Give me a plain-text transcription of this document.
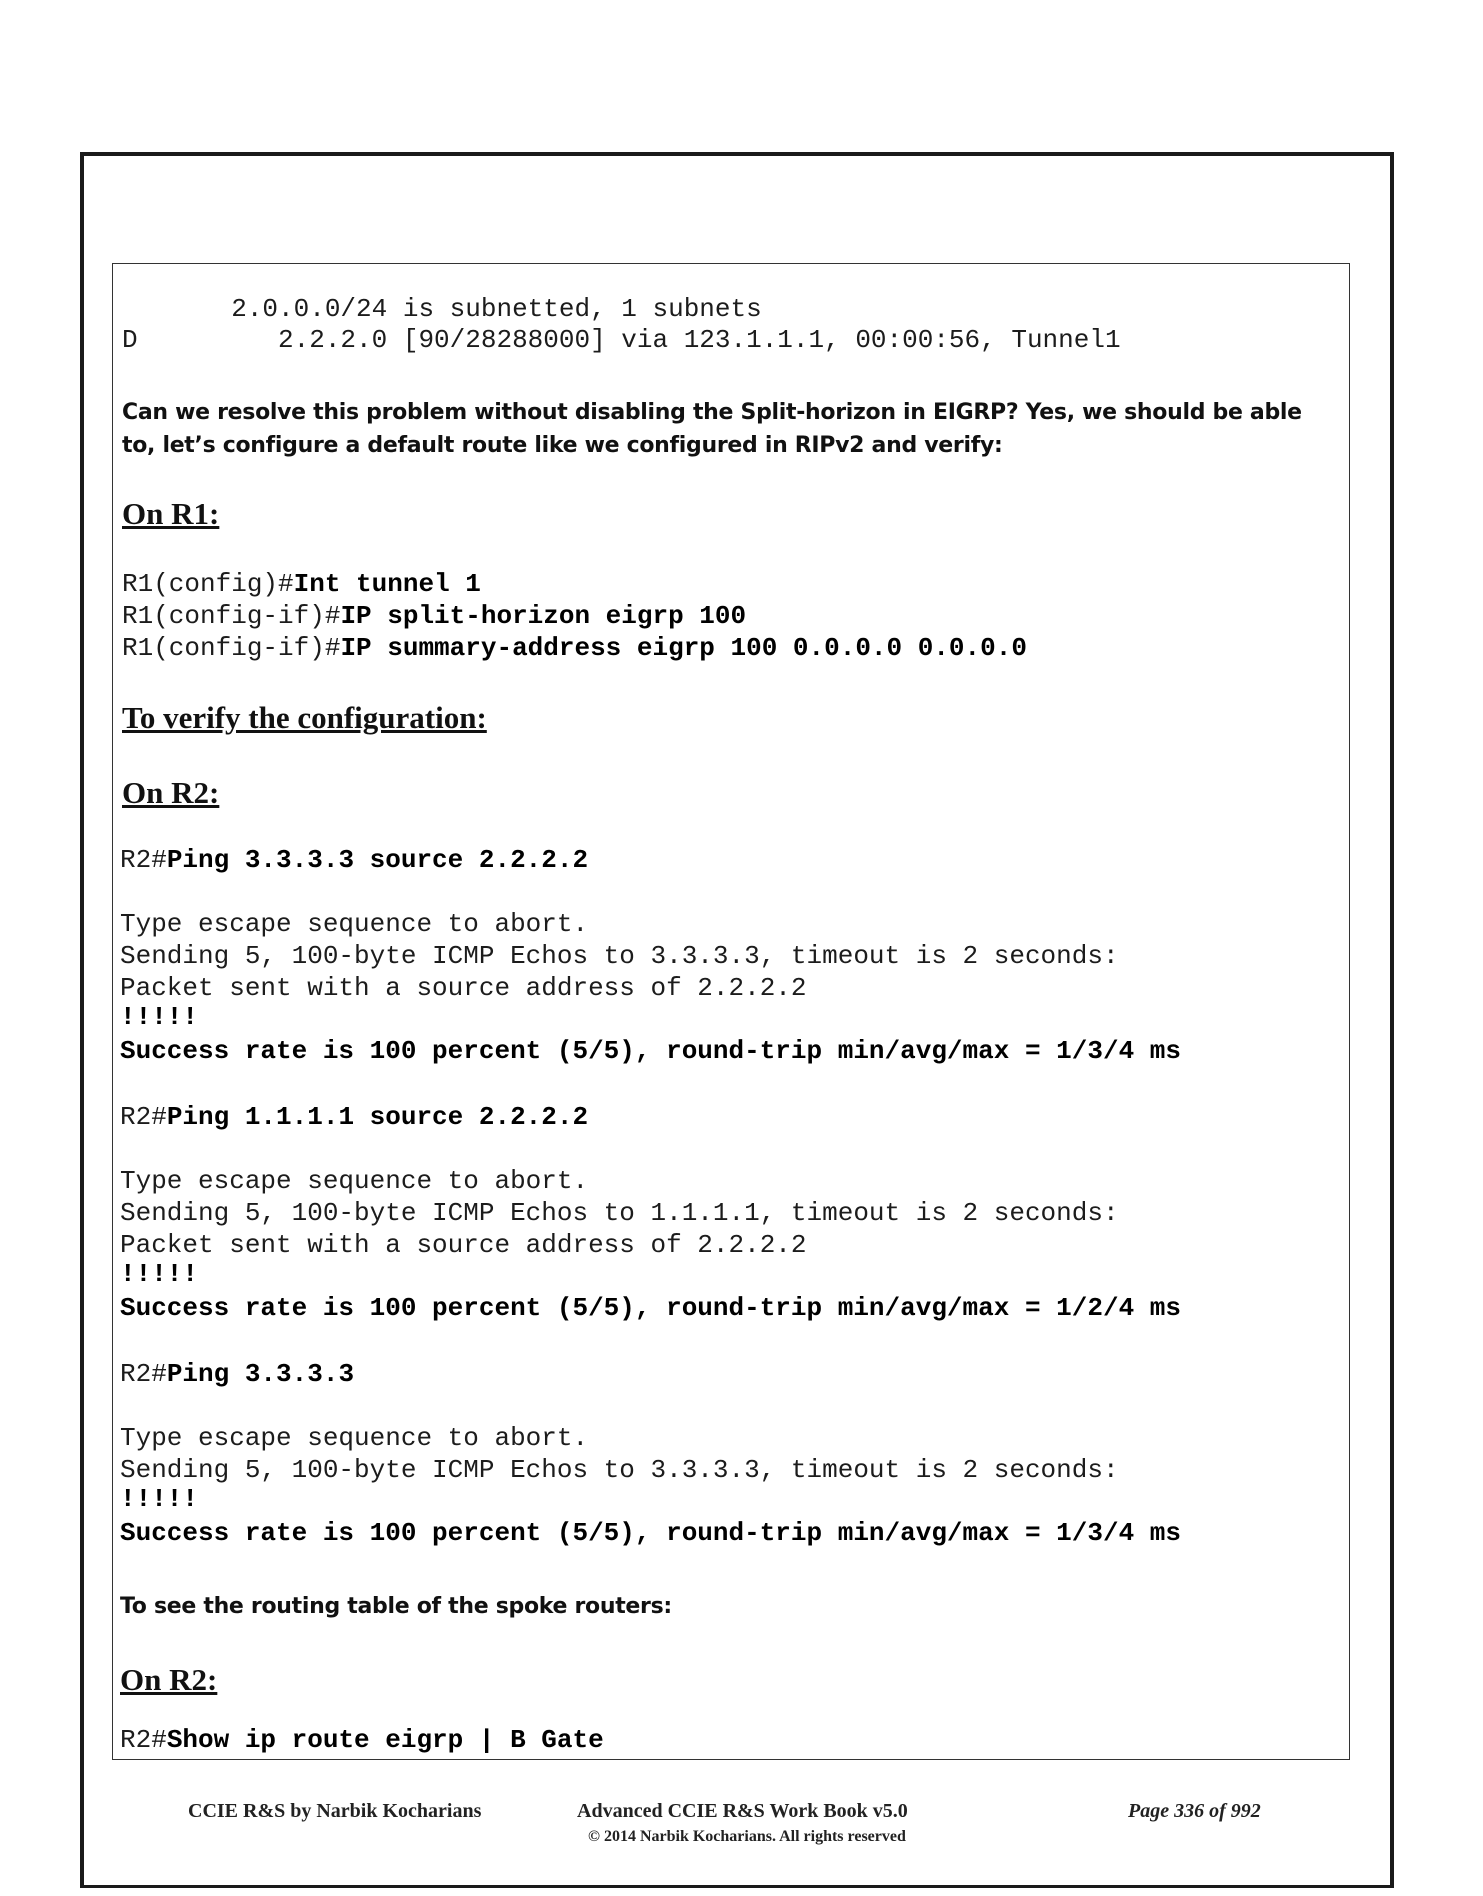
2.0.0.0/24 is subnetted, 1 subnets
D         2.2.2.0 [90/28288000] via 123.1.1.1, 00:00:56, Tunnel1
Can we resolve this problem without disabling the Split-horizon in EIGRP? Yes, we should be able to, let’s configure a default route like we configured in RIPv2 and verify:
On R1:
R1(config)#Int tunnel 1
R1(config-if)#IP split-horizon eigrp 100
R1(config-if)#IP summary-address eigrp 100 0.0.0.0 0.0.0.0
To verify the configuration:
On R2:
R2#Ping 3.3.3.3 source 2.2.2.2
Type escape sequence to abort.
Sending 5, 100-byte ICMP Echos to 3.3.3.3, timeout is 2 seconds:
Packet sent with a source address of 2.2.2.2
!!!!!
Success rate is 100 percent (5/5), round-trip min/avg/max = 1/3/4 ms
R2#Ping 1.1.1.1 source 2.2.2.2
Type escape sequence to abort.
Sending 5, 100-byte ICMP Echos to 1.1.1.1, timeout is 2 seconds:
Packet sent with a source address of 2.2.2.2
!!!!!
Success rate is 100 percent (5/5), round-trip min/avg/max = 1/2/4 ms
R2#Ping 3.3.3.3
Type escape sequence to abort.
Sending 5, 100-byte ICMP Echos to 3.3.3.3, timeout is 2 seconds:
!!!!!
Success rate is 100 percent (5/5), round-trip min/avg/max = 1/3/4 ms
To see the routing table of the spoke routers:
On R2:
R2#Show ip route eigrp | B Gate
CCIE R&S by Narbik Kocharians	Advanced CCIE R&S Work Book v5.0
© 2014 Narbik Kocharians. All rights reserved
Page 336 of 992
